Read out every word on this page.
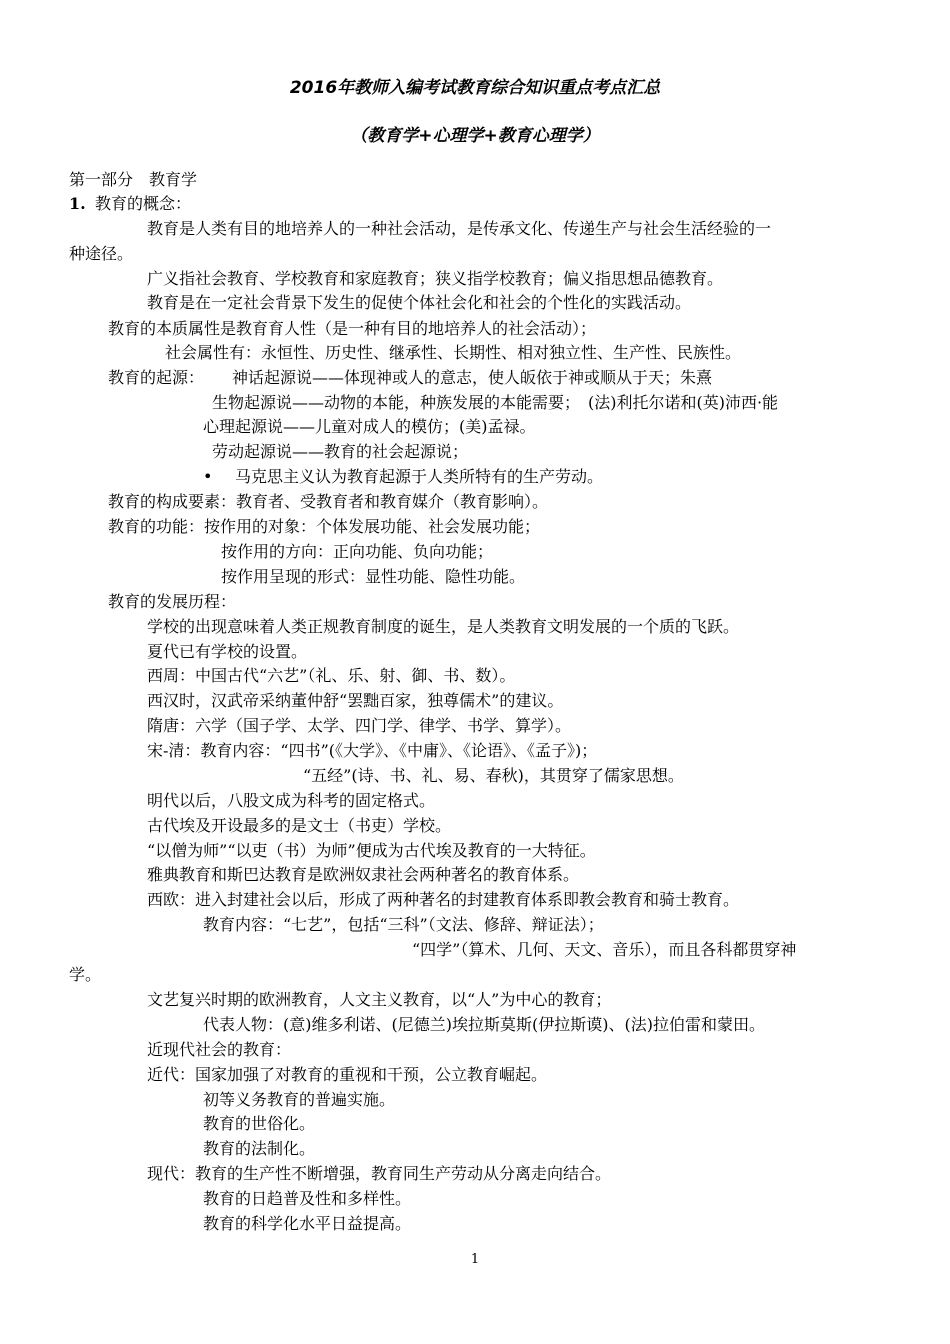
2016年教师入编考试教育综合知识重点考点汇总
（教育学+心理学+教育心理学）
第一部分　教育学
1. 教育的概念：
教育是人类有目的地培养人的一种社会活动，是传承文化、传递生产与社会生活经验的一
种途径。
广义指社会教育、学校教育和家庭教育；狭义指学校教育；偏义指思想品德教育。
教育是在一定社会背景下发生的促使个体社会化和社会的个性化的实践活动。
教育的本质属性是教育育人性（是一种有目的地培养人的社会活动）；
社会属性有：永恒性、历史性、继承性、长期性、相对独立性、生产性、民族性。
教育的起源： 神话起源说——体现神或人的意志，使人皈依于神或顺从于天；朱熹
生物起源说——动物的本能，种族发展的本能需要；　(法)利托尔诺和(英)沛西·能
心理起源说——儿童对成人的模仿；(美)孟禄。
劳动起源说——教育的社会起源说；
• 马克思主义认为教育起源于人类所特有的生产劳动。
教育的构成要素：教育者、受教育者和教育媒介（教育影响）。
教育的功能：按作用的对象：个体发展功能、社会发展功能；
按作用的方向：正向功能、负向功能；
按作用呈现的形式：显性功能、隐性功能。
教育的发展历程：
学校的出现意味着人类正规教育制度的诞生，是人类教育文明发展的一个质的飞跃。
夏代已有学校的设置。
西周：中国古代“六艺”（礼、乐、射、御、书、数）。
西汉时，汉武帝采纳董仲舒“罢黜百家，独尊儒术”的建议。
隋唐：六学（国子学、太学、四门学、律学、书学、算学）。
宋-清：教育内容：“四书”(《大学》、《中庸》、《论语》、《孟子》)；
“五经”(诗、书、礼、易、春秋)，其贯穿了儒家思想。
明代以后，八股文成为科考的固定格式。
古代埃及开设最多的是文士（书吏）学校。
“以僧为师”“以吏（书）为师”便成为古代埃及教育的一大特征。
雅典教育和斯巴达教育是欧洲奴隶社会两种著名的教育体系。
西欧：进入封建社会以后，形成了两种著名的封建教育体系即教会教育和骑士教育。
教育内容：“七艺”，包括“三科”（文法、修辞、辩证法）；
“四学”（算术、几何、天文、音乐），而且各科都贯穿神
学。
文艺复兴时期的欧洲教育，人文主义教育，以“人”为中心的教育；
代表人物：(意)维多利诺、(尼德兰)埃拉斯莫斯(伊拉斯谟)、(法)拉伯雷和蒙田。
近现代社会的教育：
近代：国家加强了对教育的重视和干预，公立教育崛起。
初等义务教育的普遍实施。
教育的世俗化。
教育的法制化。
现代：教育的生产性不断增强，教育同生产劳动从分离走向结合。
教育的日趋普及性和多样性。
教育的科学化水平日益提高。
1
